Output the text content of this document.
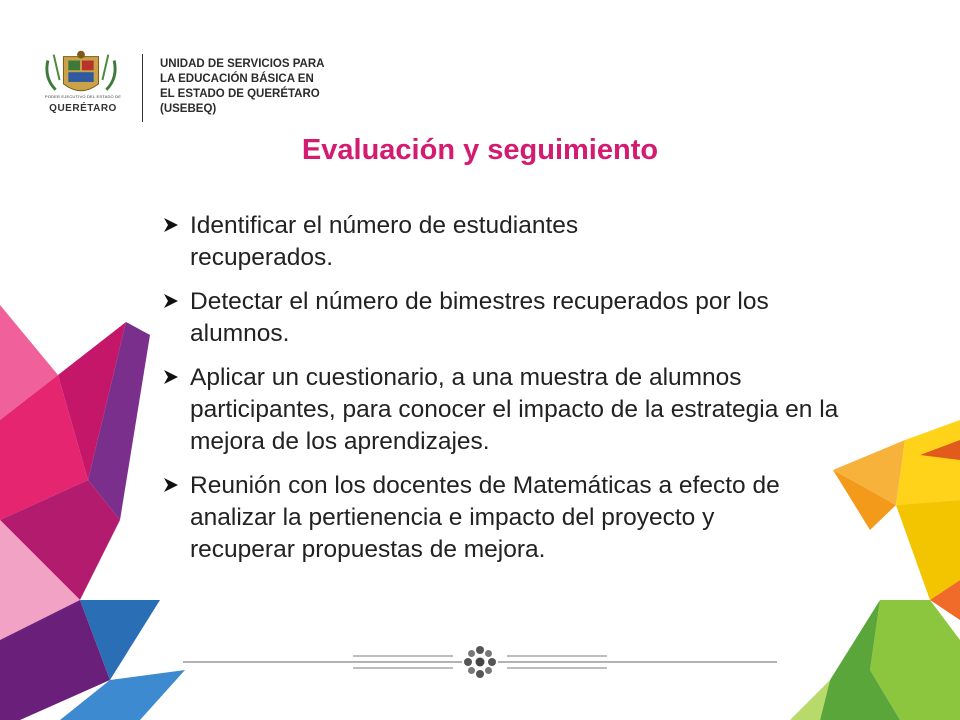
PODER EJECUTIVO DEL ESTADO DE
QUERÉTARO
UNIDAD DE SERVICIOS PARA
LA EDUCACIÓN BÁSICA EN
EL ESTADO DE QUERÉTARO
(USEBEQ)
Evaluación y seguimiento
Identificar el número de estudiantes recuperados.
Detectar el número de bimestres recuperados por los alumnos.
Aplicar un cuestionario, a una muestra de alumnos participantes, para conocer el impacto de la estrategia en la mejora de los aprendizajes.
Reunión con los docentes de Matemáticas a efecto de analizar la pertienencia e impacto del proyecto y recuperar propuestas de mejora.
